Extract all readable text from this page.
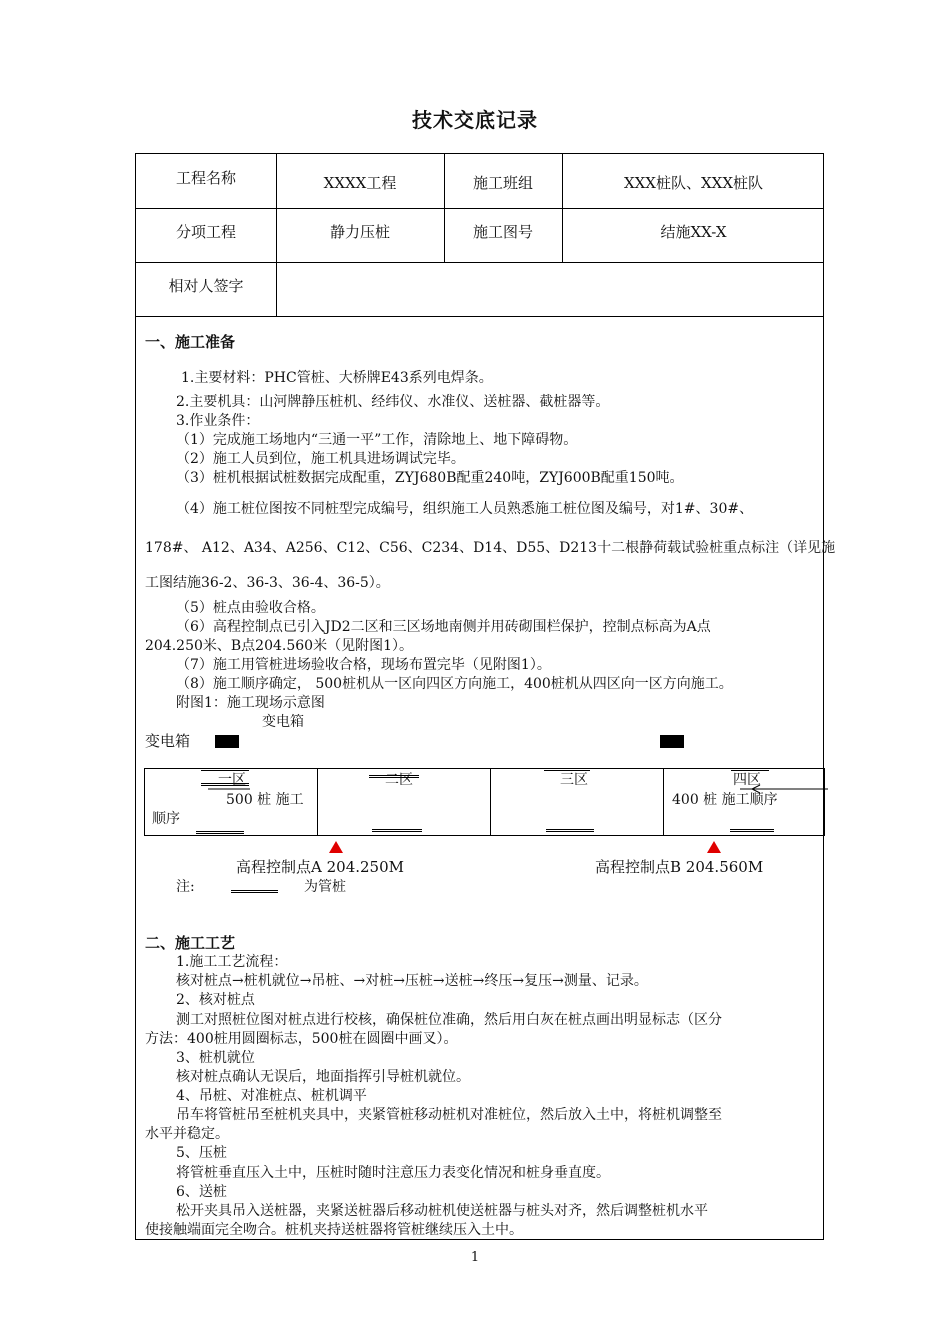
技术交底记录
工程名称	XXXX工程	施工班组	XXX桩队、XXX桩队
分项工程	静力压桩	施工图号	结施XX-X
相对人签字
一、施工准备
1.主要材料：PHC管桩、大桥牌E43系列电焊条。
2.主要机具：山河牌静压桩机、经纬仪、水准仪、送桩器、截桩器等。
3.作业条件：
（1）完成施工场地内“三通一平”工作，清除地上、地下障碍物。
（2）施工人员到位，施工机具进场调试完毕。
（3）桩机根据试桩数据完成配重，ZYJ680B配重240吨，ZYJ600B配重150吨。
（4）施工桩位图按不同桩型完成编号，组织施工人员熟悉施工桩位图及编号，对1#、30#、
178#、 A12、A34、A256、C12、C56、C234、D14、D55、D213十二根静荷载试验桩重点标注（详见施
工图结施36-2、36-3、36-4、36-5）。
（5）桩点由验收合格。
（6）高程控制点已引入JD2二区和三区场地南侧并用砖砌围栏保护，控制点标高为A点
204.250米、B点204.560米（见附图1）。
（7）施工用管桩进场验收合格，现场布置完毕（见附图1）。
（8）施工顺序确定， 500桩机从一区向四区方向施工，400桩机从四区向一区方向施工。
附图1：施工现场示意图
变电箱
变电箱
一区	二区	三区	四区
500 桩 施工
顺序
400 桩 施工顺序
高程控制点A 204.250M	高程控制点B 204.560M
注:	为管桩
二、施工工艺
1.施工工艺流程：
核对桩点→桩机就位→吊桩、→对桩→压桩→送桩→终压→复压→测量、记录。
2、核对桩点
测工对照桩位图对桩点进行校核，确保桩位准确，然后用白灰在桩点画出明显标志（区分
方法：400桩用圆圈标志，500桩在圆圈中画叉）。
3、桩机就位
核对桩点确认无误后，地面指挥引导桩机就位。
4、吊桩、对准桩点、桩机调平
吊车将管桩吊至桩机夹具中，夹紧管桩移动桩机对准桩位，然后放入土中，将桩机调整至
水平并稳定。
5、压桩
将管桩垂直压入土中，压桩时随时注意压力表变化情况和桩身垂直度。
6、送桩
松开夹具吊入送桩器，夹紧送桩器后移动桩机使送桩器与桩头对齐，然后调整桩机水平
使接触端面完全吻合。桩机夹持送桩器将管桩继续压入土中。
1
